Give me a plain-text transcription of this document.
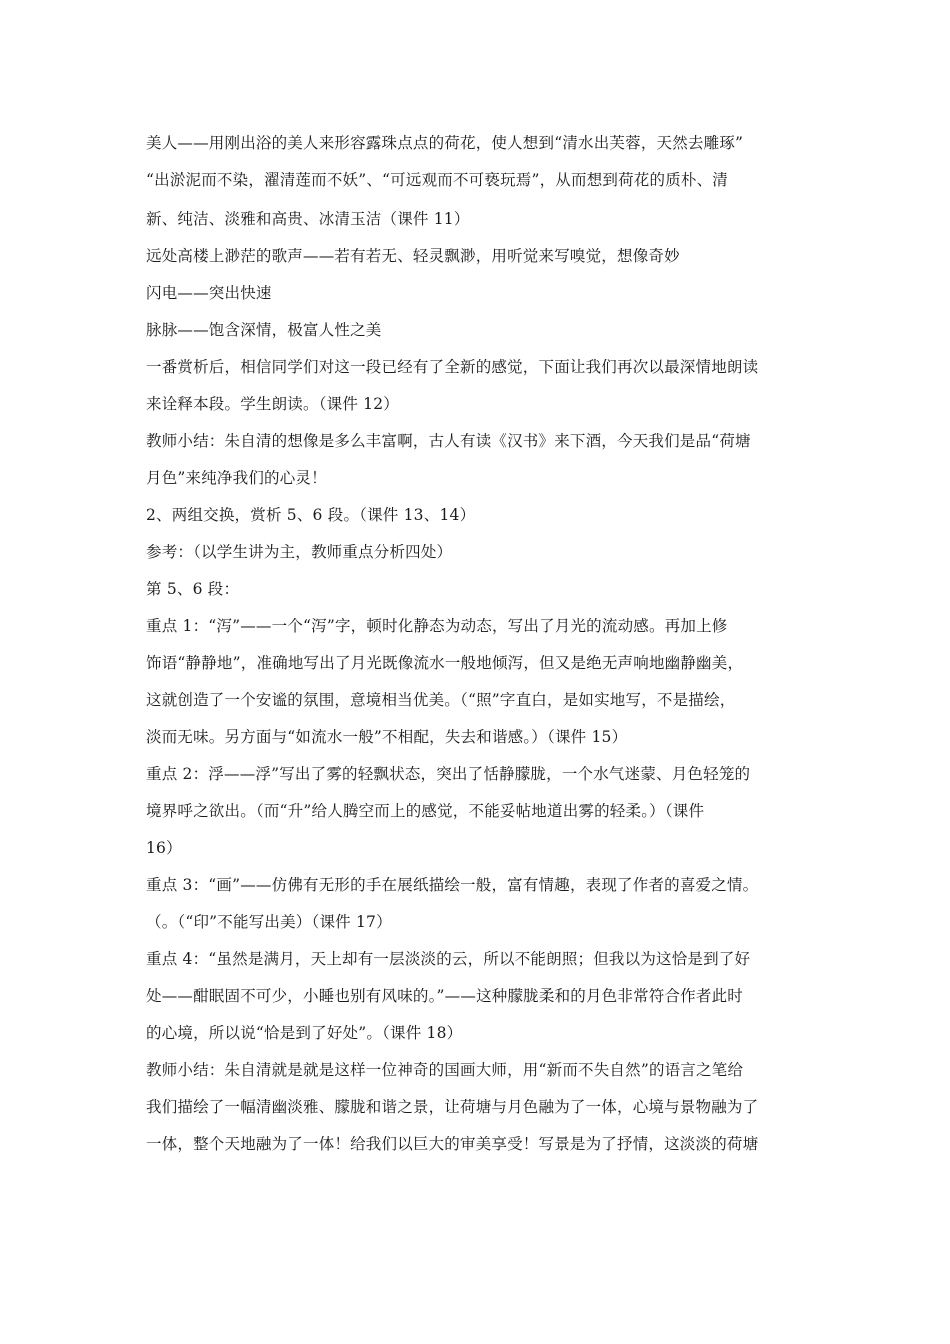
美人——用刚出浴的美人来形容露珠点点的荷花，使人想到“清水出芙蓉，天然去雕琢”
“出淤泥而不染，濯清莲而不妖”、“可远观而不可亵玩焉”，从而想到荷花的质朴、清
新、纯洁、淡雅和高贵、冰清玉洁（课件 11）
远处高楼上渺茫的歌声——若有若无、轻灵飘渺，用听觉来写嗅觉，想像奇妙
闪电——突出快速
脉脉——饱含深情，极富人性之美
一番赏析后，相信同学们对这一段已经有了全新的感觉，下面让我们再次以最深情地朗读
来诠释本段。学生朗读。（课件 12）
教师小结：朱自清的想像是多么丰富啊，古人有读《汉书》来下酒，今天我们是品“荷塘
月色”来纯净我们的心灵！
2、两组交换，赏析 5、6 段。（课件 13、14）
参考：（以学生讲为主，教师重点分析四处）
第 5、6 段：
重点 1：“泻”——一个“泻”字，顿时化静态为动态，写出了月光的流动感。再加上修
饰语“静静地”，准确地写出了月光既像流水一般地倾泻，但又是绝无声响地幽静幽美，
这就创造了一个安谧的氛围，意境相当优美。（“照”字直白，是如实地写，不是描绘，
淡而无味。另方面与“如流水一般”不相配，失去和谐感。）（课件 15）
重点 2：浮——浮”写出了雾的轻飘状态，突出了恬静朦胧，一个水气迷蒙、月色轻笼的
境界呼之欲出。（而“升”给人腾空而上的感觉，不能妥帖地道出雾的轻柔。）（课件
16）
重点 3：“画”——仿佛有无形的手在展纸描绘一般，富有情趣，表现了作者的喜爱之情。
（。（“印”不能写出美）（课件 17）
重点 4：“虽然是满月，天上却有一层淡淡的云，所以不能朗照；但我以为这恰是到了好
处——酣眠固不可少，小睡也别有风味的。”——这种朦胧柔和的月色非常符合作者此时
的心境，所以说“恰是到了好处”。（课件 18）
教师小结：朱自清就是就是这样一位神奇的国画大师，用“新而不失自然”的语言之笔给
我们描绘了一幅清幽淡雅、朦胧和谐之景，让荷塘与月色融为了一体，心境与景物融为了
一体，整个天地融为了一体！给我们以巨大的审美享受！写景是为了抒情，这淡淡的荷塘
